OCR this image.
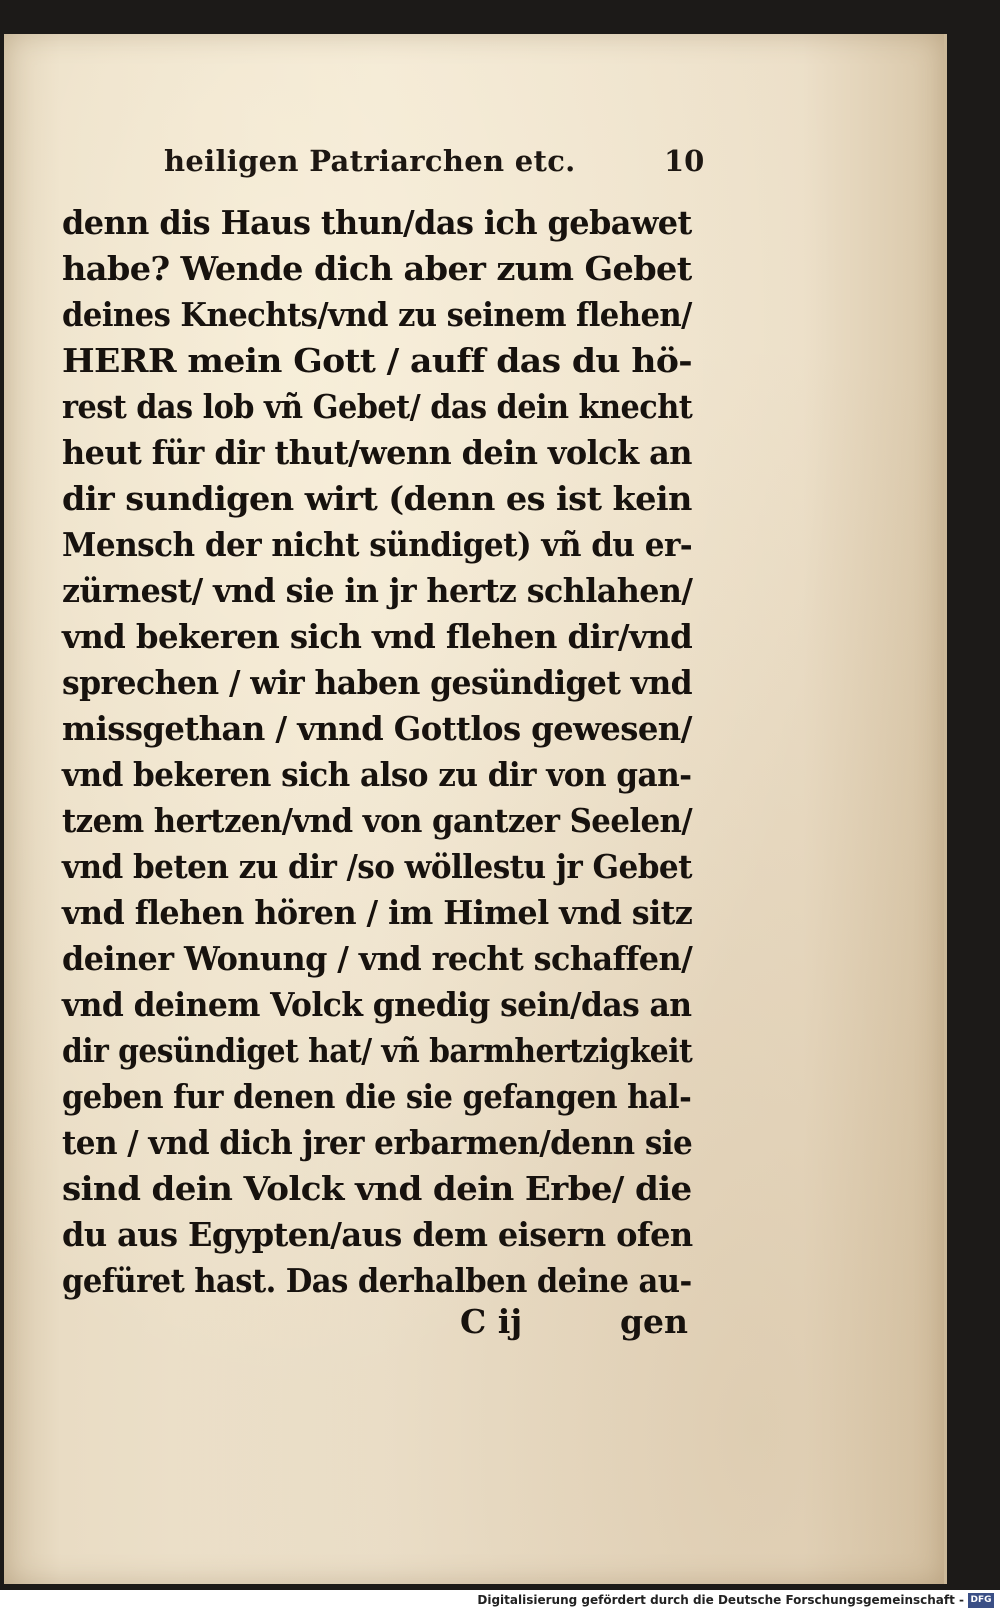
heiligen Patriarchen etc.	10
denn dis Haus thun/das ich gebawet
habe? Wende dich aber zum Gebet
deines Knechts/vnd zu seinem flehen/
HERR mein Gott / auff das du hö-
rest das lob vñ Gebet/ das dein knecht
heut für dir thut/wenn dein volck an
dir sundigen wirt (denn es ist kein
Mensch der nicht sündiget) vñ du er-
zürnest/ vnd sie in jr hertz schlahen/
vnd bekeren sich vnd flehen dir/vnd
sprechen / wir haben gesündiget vnd
missgethan / vnnd Gottlos gewesen/
vnd bekeren sich also zu dir von gan-
tzem hertzen/vnd von gantzer Seelen/
vnd beten zu dir /so wöllestu jr Gebet
vnd flehen hören / im Himel vnd sitz
deiner Wonung / vnd recht schaffen/
vnd deinem Volck gnedig sein/das an
dir gesündiget hat/ vñ barmhertzigkeit
geben fur denen die sie gefangen hal-
ten / vnd dich jrer erbarmen/denn sie
sind dein Volck vnd dein Erbe/ die
du aus Egypten/aus dem eisern ofen
gefüret hast. Das derhalben deine au-
C ij	gen
Digitalisierung gefördert durch die Deutsche Forschungsgemeinschaft - DFG
